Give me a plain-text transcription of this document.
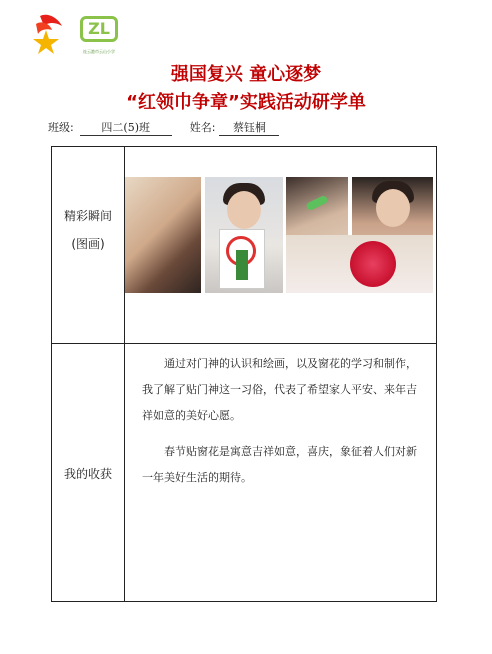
ZL
连云港市云山小学
强国复兴 童心逐梦
“红领巾争章”实践活动研学单
班级:	四二(5)班	姓名: 蔡钰桐
精彩瞬间
(图画)
我的收获

通过对门神的认识和绘画，以及窗花的学习和制作，我了解了贴门神这一习俗，代表了希望家人平安、来年吉祥如意的美好心愿。

春节贴窗花是寓意吉祥如意，喜庆，象征着人们对新一年美好生活的期待。
